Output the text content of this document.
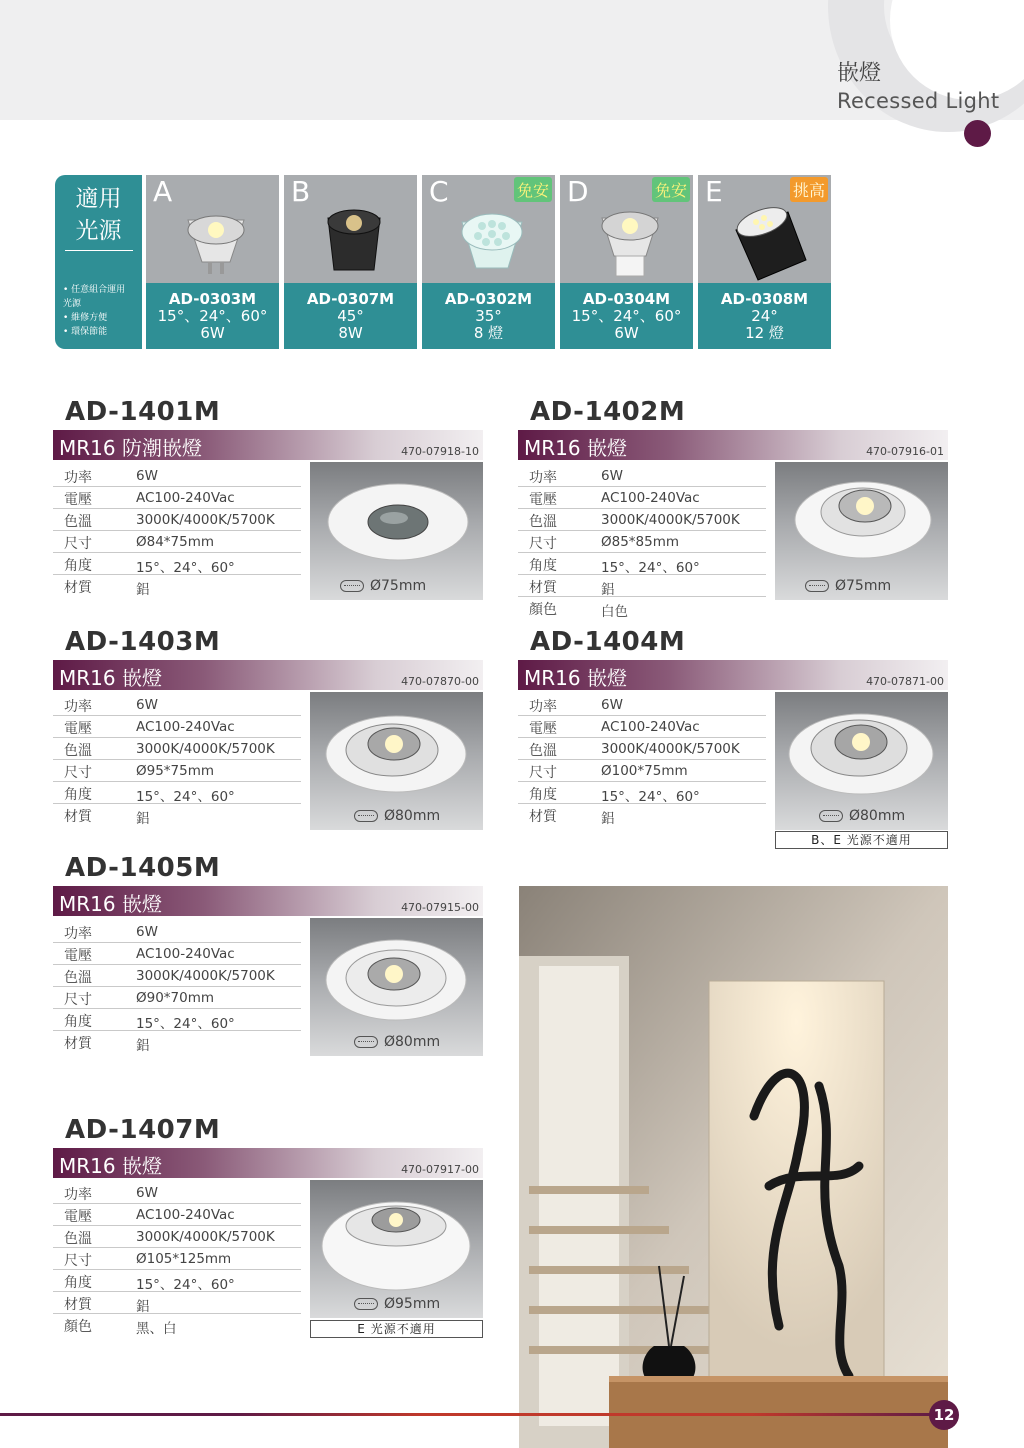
嵌燈
Recessed Light
適用
光源
• 任意組合運用
光源
• 維修方便
• 環保節能
A
AD-0303M
15°、24°、60°
6W
B
AD-0307M
45°
8W
C	免安
AD-0302M
35°
8 燈
D	免安
AD-0304M
15°、24°、60°
6W
E	挑高
AD-0308M
24°
12 燈
AD-1401M
MR16 防潮嵌燈	470-07918-10
功率	6W
電壓	AC100-240Vac
色溫	3000K/4000K/5700K
尺寸	Ø84*75mm
角度	15°、24°、60°
材質	鋁	Ø75mm
AD-1402M
MR16 嵌燈	470-07916-01
功率	6W
電壓	AC100-240Vac
色溫	3000K/4000K/5700K
尺寸	Ø85*85mm
角度	15°、24°、60°
材質	鋁
顏色	白色
Ø75mm
AD-1403M
MR16 嵌燈	470-07870-00
功率	6W
電壓	AC100-240Vac
色溫	3000K/4000K/5700K
尺寸	Ø95*75mm
角度	15°、24°、60°
材質	鋁	Ø80mm
AD-1404M
MR16 嵌燈	470-07871-00
功率	6W
電壓	AC100-240Vac
色溫	3000K/4000K/5700K
尺寸	Ø100*75mm
角度	15°、24°、60°
材質	鋁	Ø80mm
B、E 光源不適用
AD-1405M
MR16 嵌燈	470-07915-00
功率	6W
電壓	AC100-240Vac
色溫	3000K/4000K/5700K
尺寸	Ø90*70mm
角度	15°、24°、60°
材質	鋁	Ø80mm
AD-1407M
MR16 嵌燈	470-07917-00
功率	6W
電壓	AC100-240Vac
色溫	3000K/4000K/5700K
尺寸	Ø105*125mm
角度	15°、24°、60°
材質	鋁
顏色	黑、白
Ø95mm
E 光源不適用
12
